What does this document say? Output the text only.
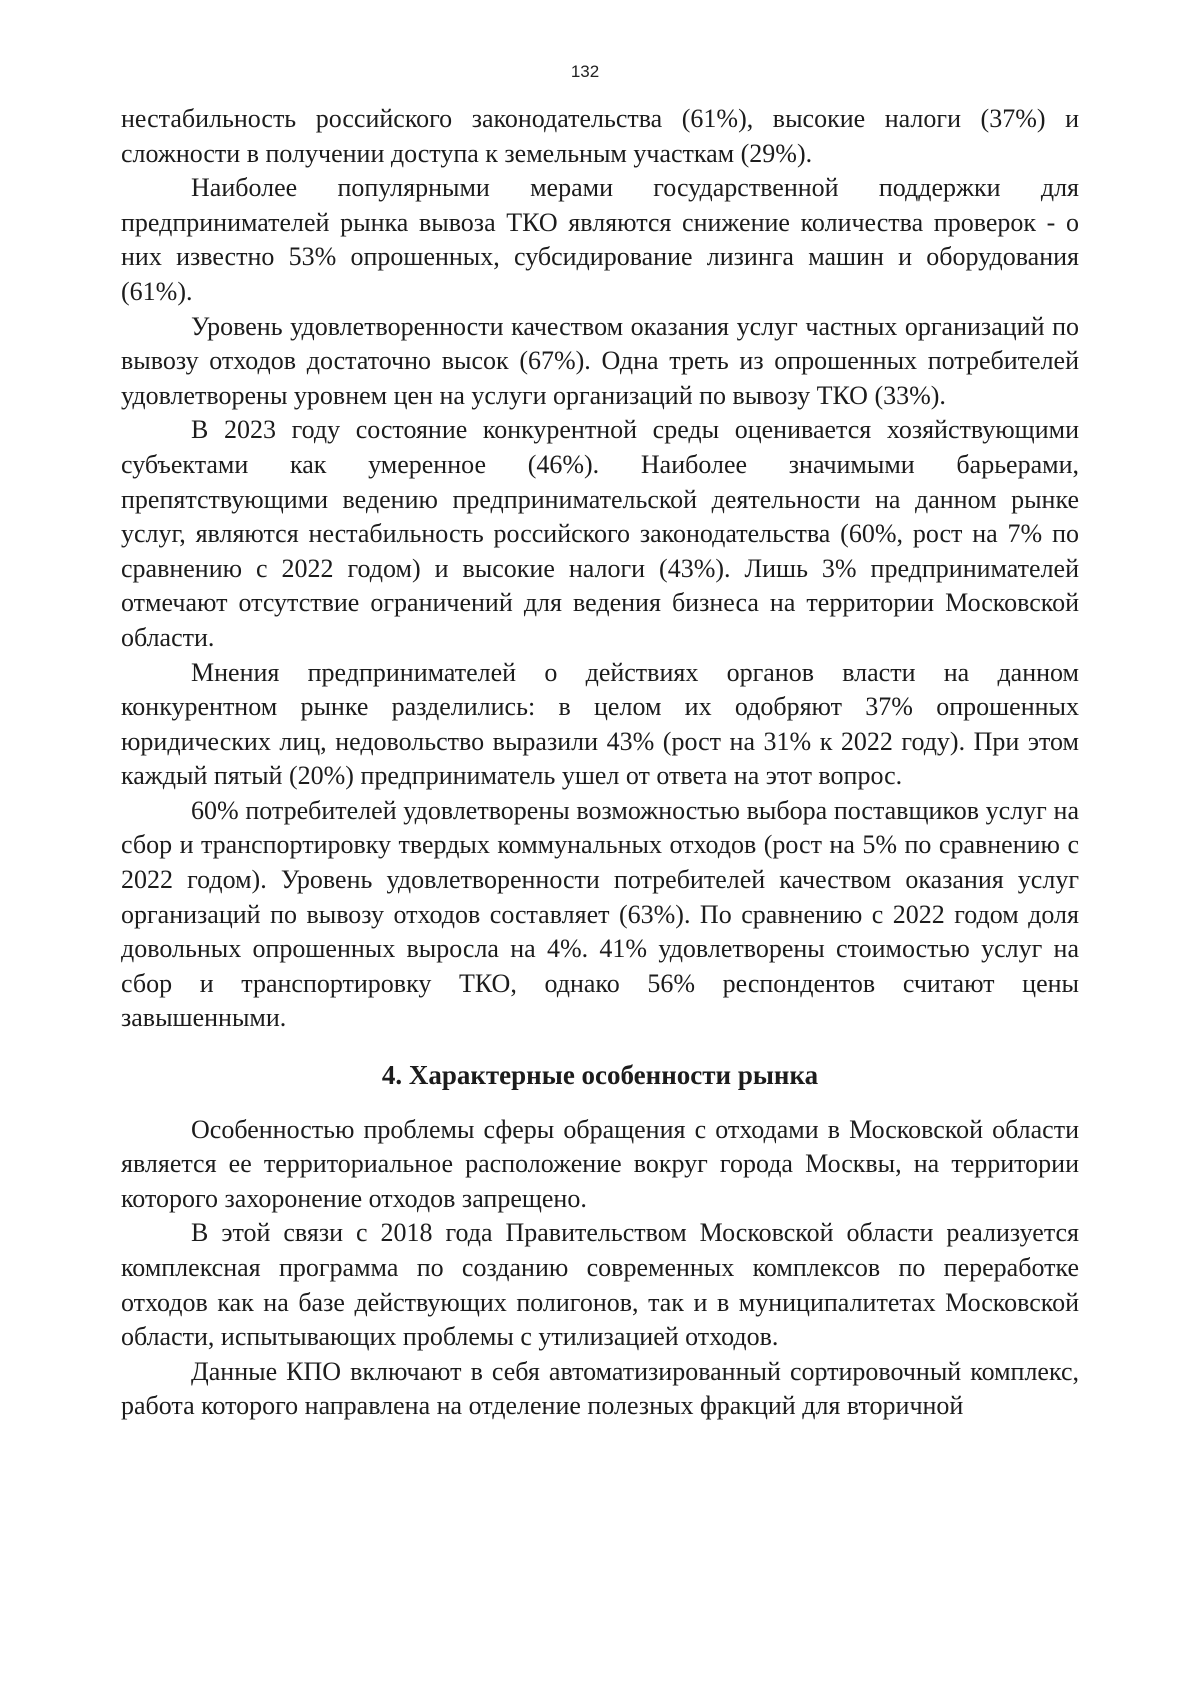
132

нестабильность российского законодательства (61%), высокие налоги (37%) и сложности в получении доступа к земельным участкам (29%).

Наиболее популярными мерами государственной поддержки для предпринимателей рынка вывоза ТКО являются снижение количества проверок - о них известно 53% опрошенных, субсидирование лизинга машин и оборудования (61%).

Уровень удовлетворенности качеством оказания услуг частных организаций по вывозу отходов достаточно высок (67%). Одна треть из опрошенных потребителей удовлетворены уровнем цен на услуги организаций по вывозу ТКО (33%).

В 2023 году состояние конкурентной среды оценивается хозяйствующими субъектами как умеренное (46%). Наиболее значимыми барьерами, препятствующими ведению предпринимательской деятельности на данном рынке услуг, являются нестабильность российского законодательства (60%, рост на 7% по сравнению с 2022 годом) и высокие налоги (43%). Лишь 3% предпринимателей отмечают отсутствие ограничений для ведения бизнеса на территории Московской области.

Мнения предпринимателей о действиях органов власти на данном конкурентном рынке разделились: в целом их одобряют 37% опрошенных юридических лиц, недовольство выразили 43% (рост на 31% к 2022 году). При этом каждый пятый (20%) предприниматель ушел от ответа на этот вопрос.

60% потребителей удовлетворены возможностью выбора поставщиков услуг на сбор и транспортировку твердых коммунальных отходов (рост на 5% по сравнению с 2022 годом). Уровень удовлетворенности потребителей качеством оказания услуг организаций по вывозу отходов составляет (63%). По сравнению с 2022 годом доля довольных опрошенных выросла на 4%. 41% удовлетворены стоимостью услуг на сбор и транспортировку ТКО, однако 56% респондентов считают цены завышенными.

4. Характерные особенности рынка

Особенностью проблемы сферы обращения с отходами в Московской области является ее территориальное расположение вокруг города Москвы, на территории которого захоронение отходов запрещено.

В этой связи с 2018 года Правительством Московской области реализуется комплексная программа по созданию современных комплексов по переработке отходов как на базе действующих полигонов, так и в муниципалитетах Московской области, испытывающих проблемы с утилизацией отходов.

Данные КПО включают в себя автоматизированный сортировочный комплекс, работа которого направлена на отделение полезных фракций для вторичной
